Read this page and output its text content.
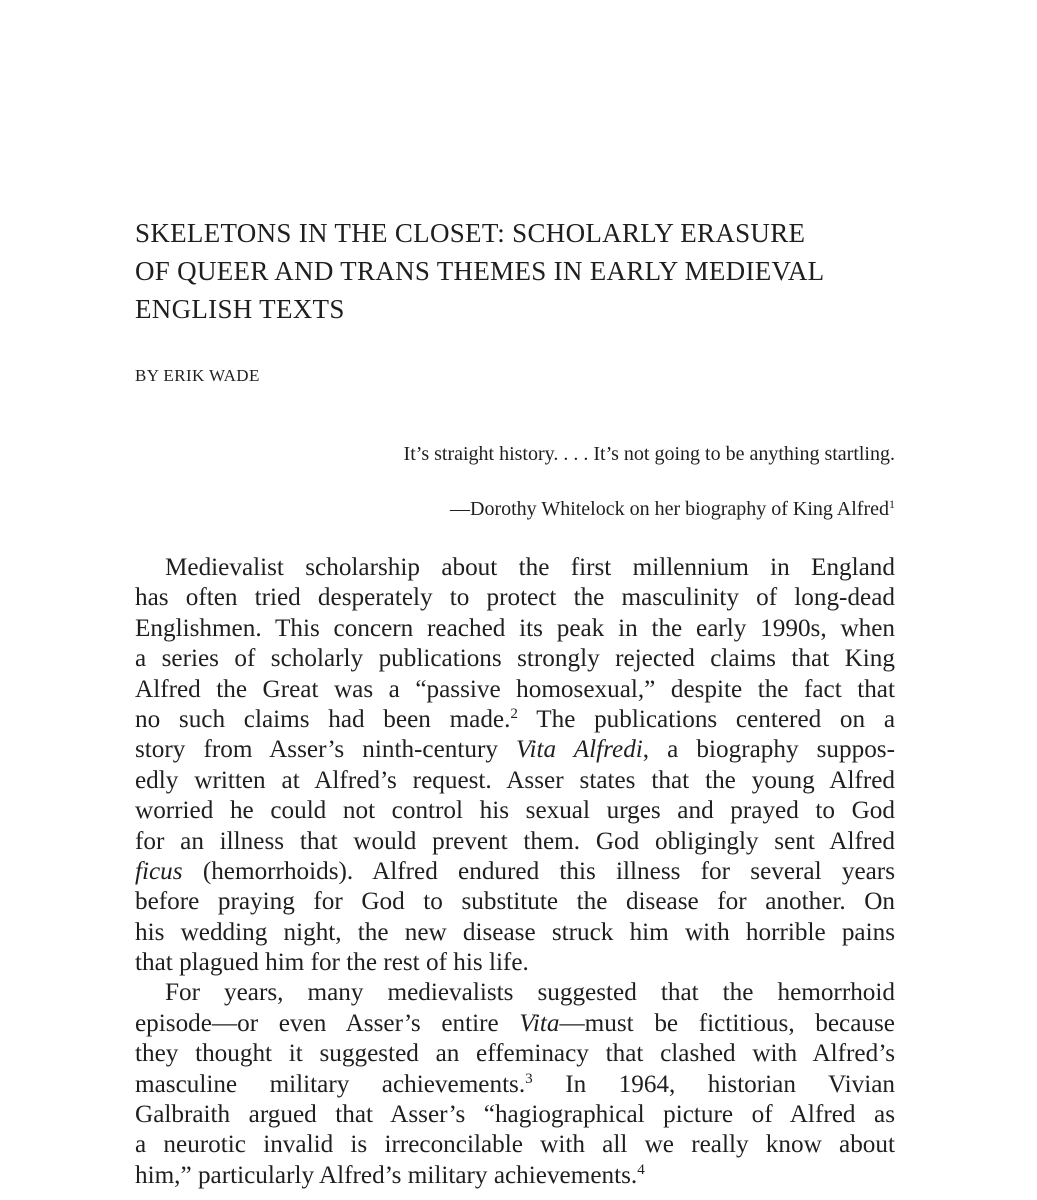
SKELETONS IN THE CLOSET: SCHOLARLY ERASURE
OF QUEER AND TRANS THEMES IN EARLY MEDIEVAL
ENGLISH TEXTS
BY ERIK WADE

It’s straight history. . . . It’s not going to be anything startling.

—Dorothy Whitelock on her biography of King Alfred$^1$

Medievalist scholarship about the first millennium in England
has often tried desperately to protect the masculinity of long-dead
Englishmen. This concern reached its peak in the early 1990s, when
a series of scholarly publications strongly rejected claims that King
Alfred the Great was a “passive homosexual,” despite the fact that
no such claims had been made.$^2$ The publications centered on a
story from Asser’s ninth-century Vita Alfredi, a biography suppos-
edly written at Alfred’s request. Asser states that the young Alfred
worried he could not control his sexual urges and prayed to God
for an illness that would prevent them. God obligingly sent Alfred
ficus (hemorrhoids). Alfred endured this illness for several years
before praying for God to substitute the disease for another. On
his wedding night, the new disease struck him with horrible pains
that plagued him for the rest of his life.
For years, many medievalists suggested that the hemorrhoid
episode—or even Asser’s entire Vita—must be fictitious, because
they thought it suggested an effeminacy that clashed with Alfred’s
masculine military achievements.$^3$ In 1964, historian Vivian
Galbraith argued that Asser’s “hagiographical picture of Alfred as
a neurotic invalid is irreconcilable with all we really know about
him,” particularly Alfred’s military achievements.$^4$
